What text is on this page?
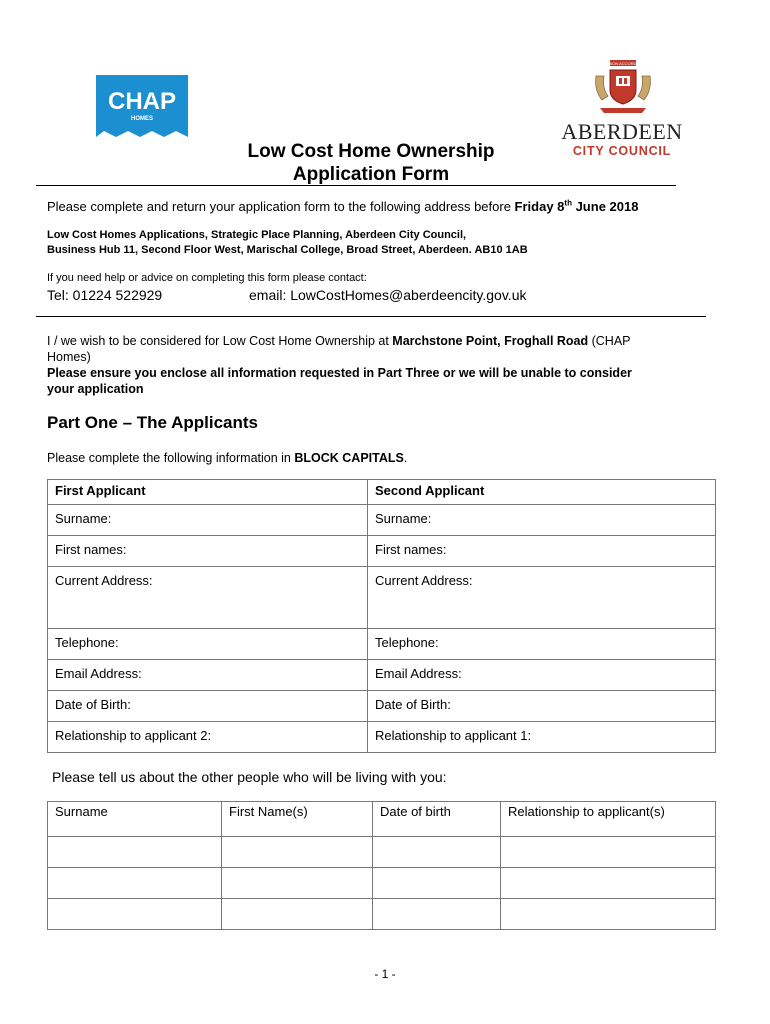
CHAP
HOMES
BON ACCORD
ABERDEEN
CITY COUNCIL
Low Cost Home Ownership
Application Form
Please complete and return your application form to the following address before Friday 8th June 2018
Low Cost Homes Applications, Strategic Place Planning, Aberdeen City Council,
Business Hub 11, Second Floor West, Marischal College, Broad Street, Aberdeen. AB10 1AB
If you need help or advice on completing this form please contact:
Tel: 01224 522929	email: LowCostHomes@aberdeencity.gov.uk
I / we wish to be considered for Low Cost Home Ownership at Marchstone Point, Froghall Road (CHAP
Homes)
Please ensure you enclose all information requested in Part Three or we will be unable to consider
your application
Part One – The Applicants
Please complete the following information in BLOCK CAPITALS.
First Applicant	Second Applicant
Surname:	Surname:
First names:	First names:
Current Address:	Current Address:
Telephone:	Telephone:
Email Address:	Email Address:
Date of Birth:	Date of Birth:
Relationship to applicant 2:	Relationship to applicant 1:
Please tell us about the other people who will be living with you:
Surname	First Name(s)	Date of birth	Relationship to applicant(s)

- 1 -
